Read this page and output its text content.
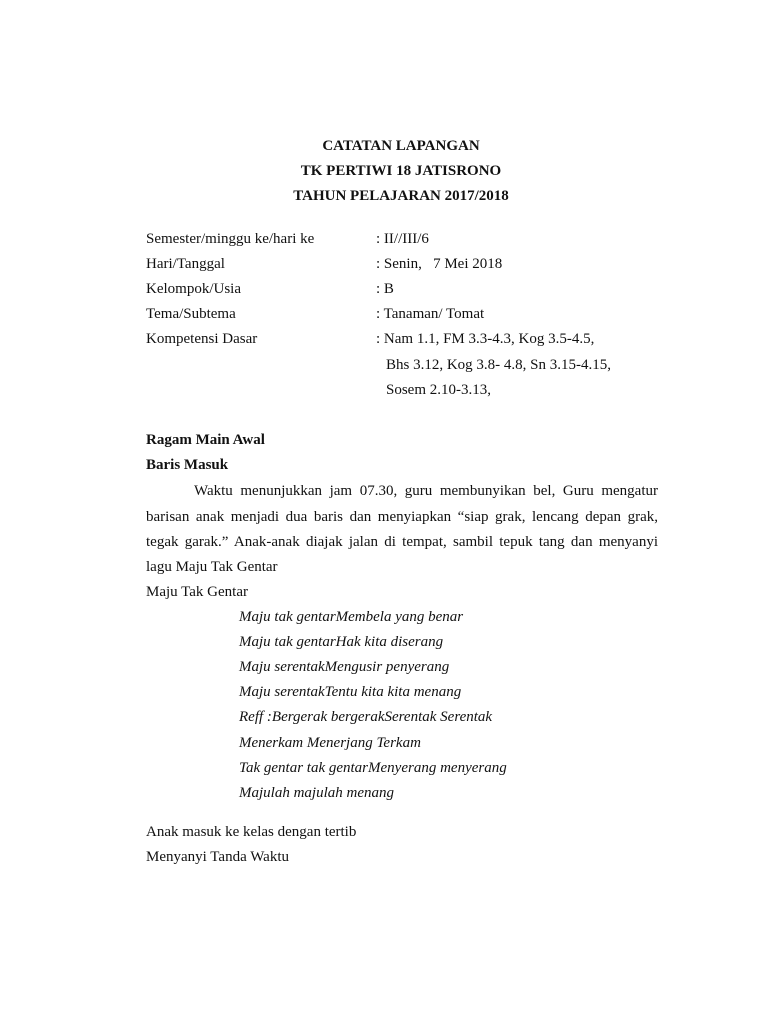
CATATAN LAPANGAN
TK PERTIWI 18 JATISRONO
TAHUN PELAJARAN 2017/2018
Semester/minggu ke/hari ke	: II//III/6
Hari/Tanggal	: Senin,   7 Mei 2018
Kelompok/Usia	: B
Tema/Subtema	: Tanaman/ Tomat
Kompetensi Dasar	: Nam 1.1, FM 3.3-4.3, Kog 3.5-4.5,
Bhs 3.12, Kog 3.8- 4.8, Sn 3.15-4.15,
Sosem 2.10-3.13,
Ragam Main Awal
Baris Masuk
Waktu menunjukkan jam 07.30, guru membunyikan bel, Guru mengatur
barisan anak menjadi dua baris dan menyiapkan “siap grak, lencang depan grak,
tegak garak.” Anak-anak diajak jalan di tempat, sambil tepuk tang dan menyanyi
lagu Maju Tak Gentar
Maju Tak Gentar
Maju tak gentarMembela yang benar
Maju tak gentarHak kita diserang
Maju serentakMengusir penyerang
Maju serentakTentu kita kita menang
Reff :Bergerak bergerakSerentak Serentak
Menerkam Menerjang Terkam
Tak gentar tak gentarMenyerang menyerang
Majulah majulah menang
Anak masuk ke kelas dengan tertib
Menyanyi Tanda Waktu
